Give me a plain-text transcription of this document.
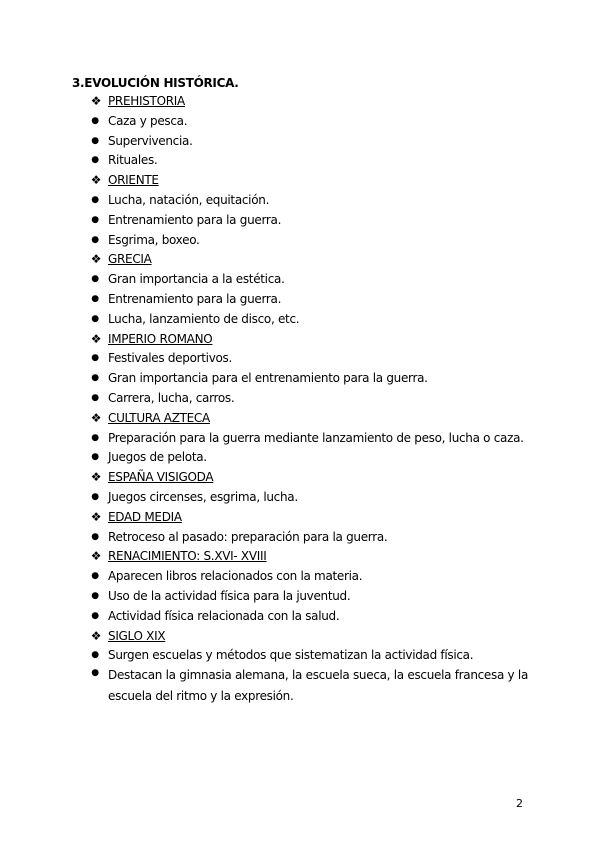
3.EVOLUCIÓN HISTÓRICA.
❖ PREHISTORIA
● Caza y pesca.
● Supervivencia.
● Rituales.
❖ ORIENTE
● Lucha, natación, equitación.
● Entrenamiento para la guerra.
● Esgrima, boxeo.
❖ GRECIA
● Gran importancia a la estética.
● Entrenamiento para la guerra.
● Lucha, lanzamiento de disco, etc.
❖ IMPERIO ROMANO
● Festivales deportivos.
● Gran importancia para el entrenamiento para la guerra.
● Carrera, lucha, carros.
❖ CULTURA AZTECA
● Preparación para la guerra mediante lanzamiento de peso, lucha o caza.
● Juegos de pelota.
❖ ESPAÑA VISIGODA
● Juegos circenses, esgrima, lucha.
❖ EDAD MEDIA
● Retroceso al pasado: preparación para la guerra.
❖ RENACIMIENTO: S.XVI- XVIII
● Aparecen libros relacionados con la materia.
● Uso de la actividad física para la juventud.
● Actividad física relacionada con la salud.
❖ SIGLO XIX
● Surgen escuelas y métodos que sistematizan la actividad física.
● Destacan la gimnasia alemana, la escuela sueca, la escuela francesa y la escuela del ritmo y la expresión.
2
